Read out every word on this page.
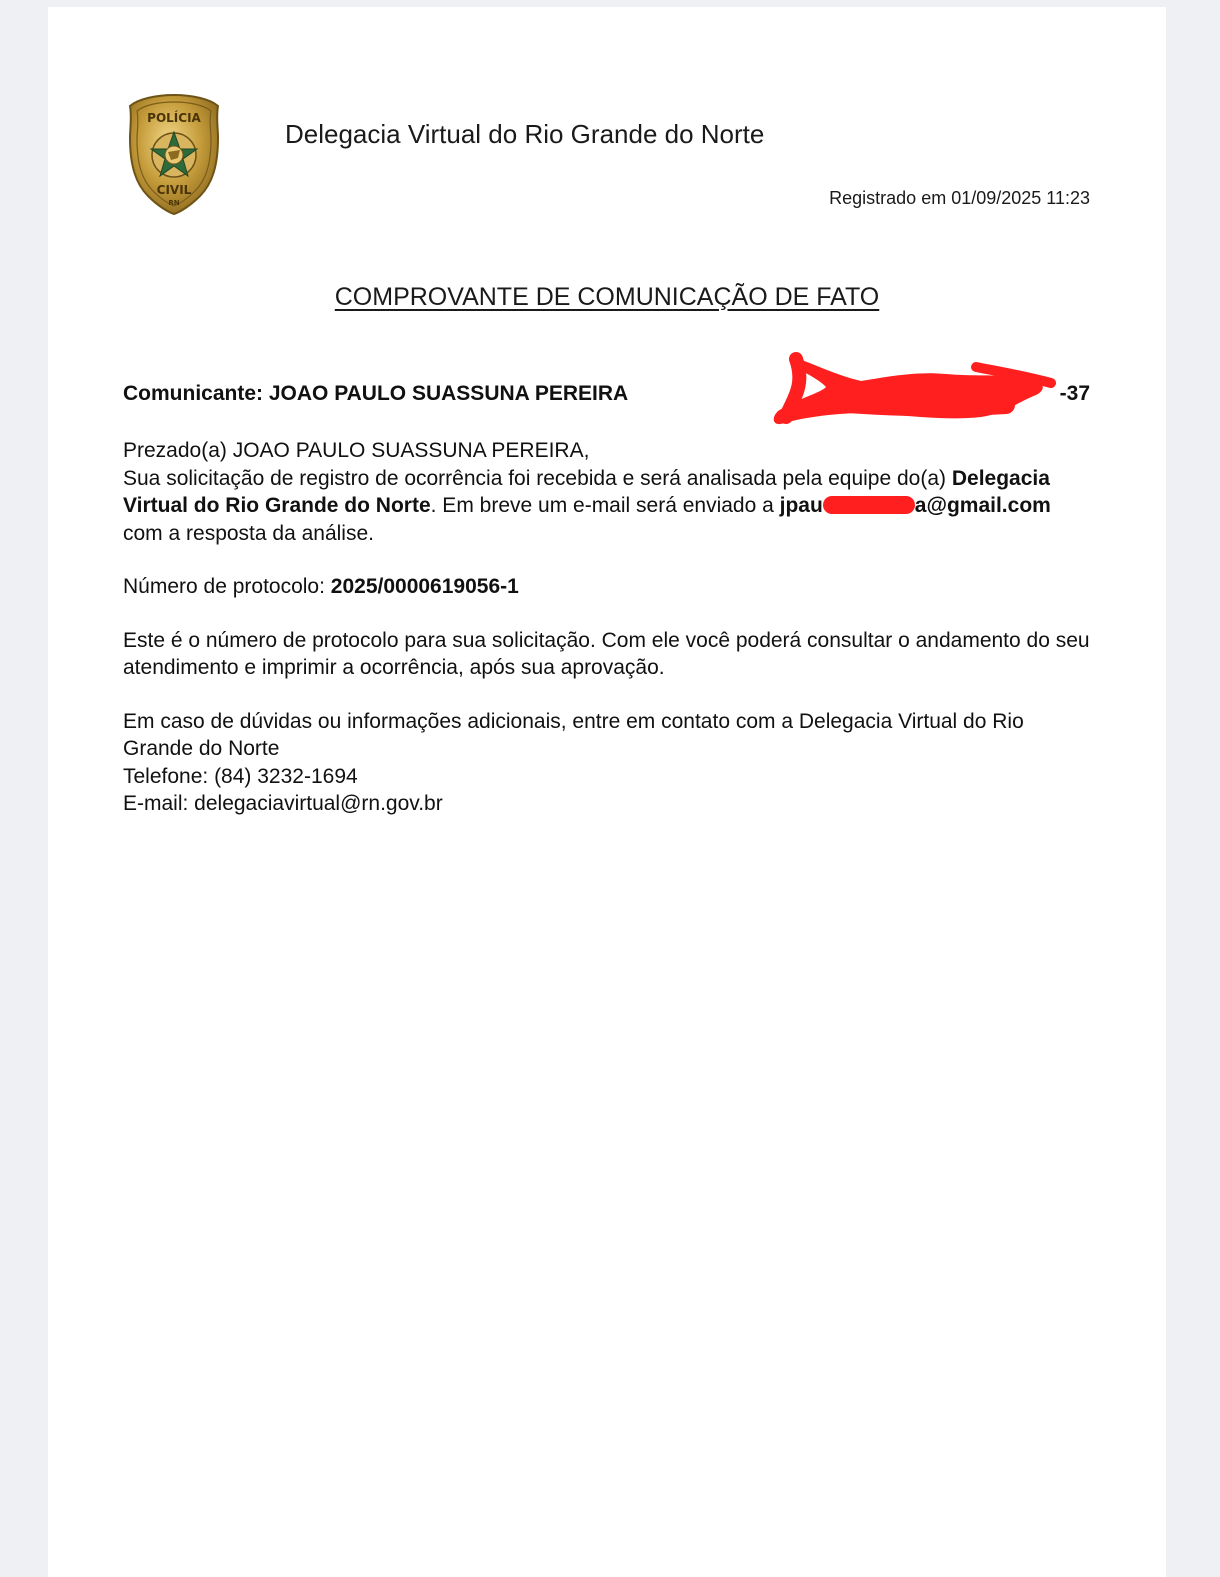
POLÍCIA
CIVIL
RN
Delegacia Virtual do Rio Grande do Norte
Registrado em 01/09/2025 11:23
COMPROVANTE DE COMUNICAÇÃO DE FATO
Comunicante: JOAO PAULO SUASSUNA PEREIRA	-37

Prezado(a) JOAO PAULO SUASSUNA PEREIRA,

Sua solicitação de registro de ocorrência foi recebida e será analisada pela equipe do(a) Delegacia Virtual do Rio Grande do Norte. Em breve um e-mail será enviado a jpau	a@gmail.com
com a resposta da análise.

Número de protocolo: 2025/0000619056-1

Este é o número de protocolo para sua solicitação. Com ele você poderá consultar o andamento do seu atendimento e imprimir a ocorrência, após sua aprovação.

Em caso de dúvidas ou informações adicionais, entre em contato com a Delegacia Virtual do Rio Grande do Norte

Telefone: (84) 3232-1694

E-mail: delegaciavirtual@rn.gov.br
